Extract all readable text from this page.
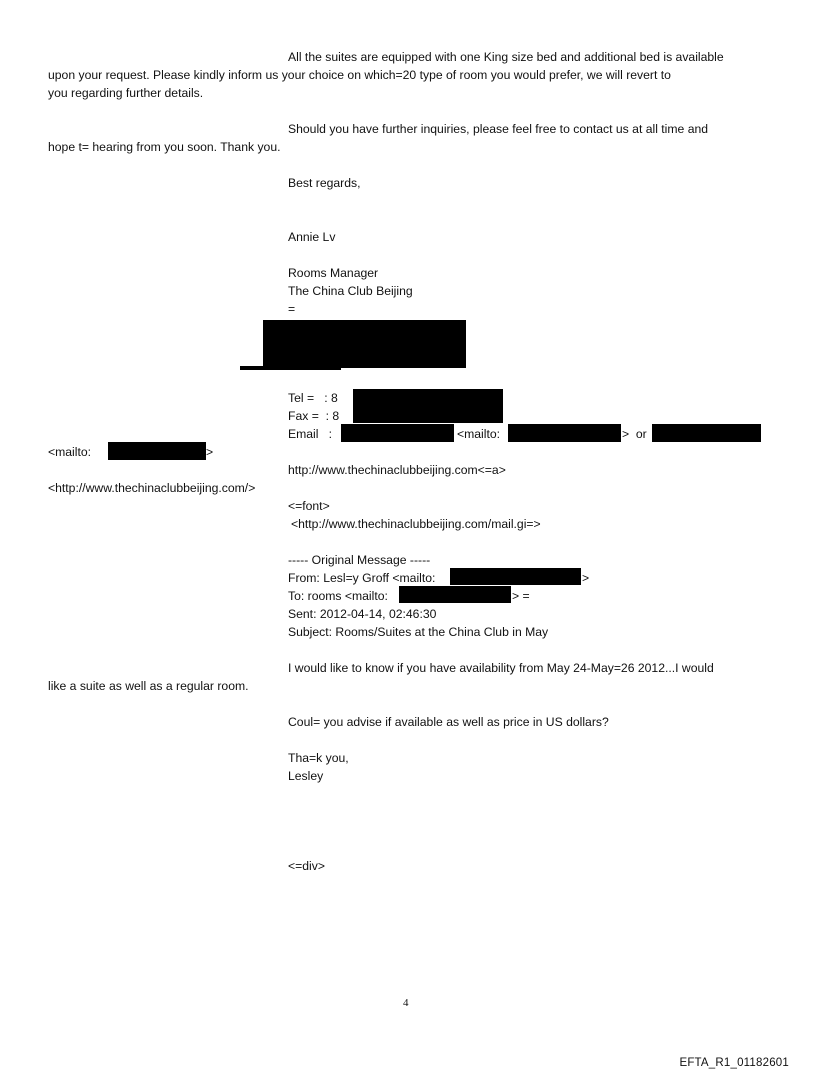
All the suites are equipped with one King size bed and additional bed is available
upon your request. Please kindly inform us your choice on which=20 type of room you would prefer, we will revert to
you regarding further details.
Should you have further inquiries, please feel free to contact us at all time and
hope t= hearing from you soon. Thank you.
Best regards,
Annie Lv
Rooms Manager
The China Club Beijing
=
Tel =   : 8
Fax =  : 8
Email   :	<mailto:	>  or
<mailto:	>
http://www.thechinaclubbeijing.com<=a>
<http://www.thechinaclubbeijing.com/>
<=font>
<http://www.thechinaclubbeijing.com/mail.gi=>
----- Original Message -----
From: Lesl=y Groff <mailto:	>
To: rooms <mailto:	> =
Sent: 2012-04-14, 02:46:30
Subject: Rooms/Suites at the China Club in May
I would like to know if you have availability from May 24-May=26 2012...I would
like a suite as well as a regular room.
Coul= you advise if available as well as price in US dollars?
Tha=k you,
Lesley
<=div>
4
EFTA_R1_01182601
